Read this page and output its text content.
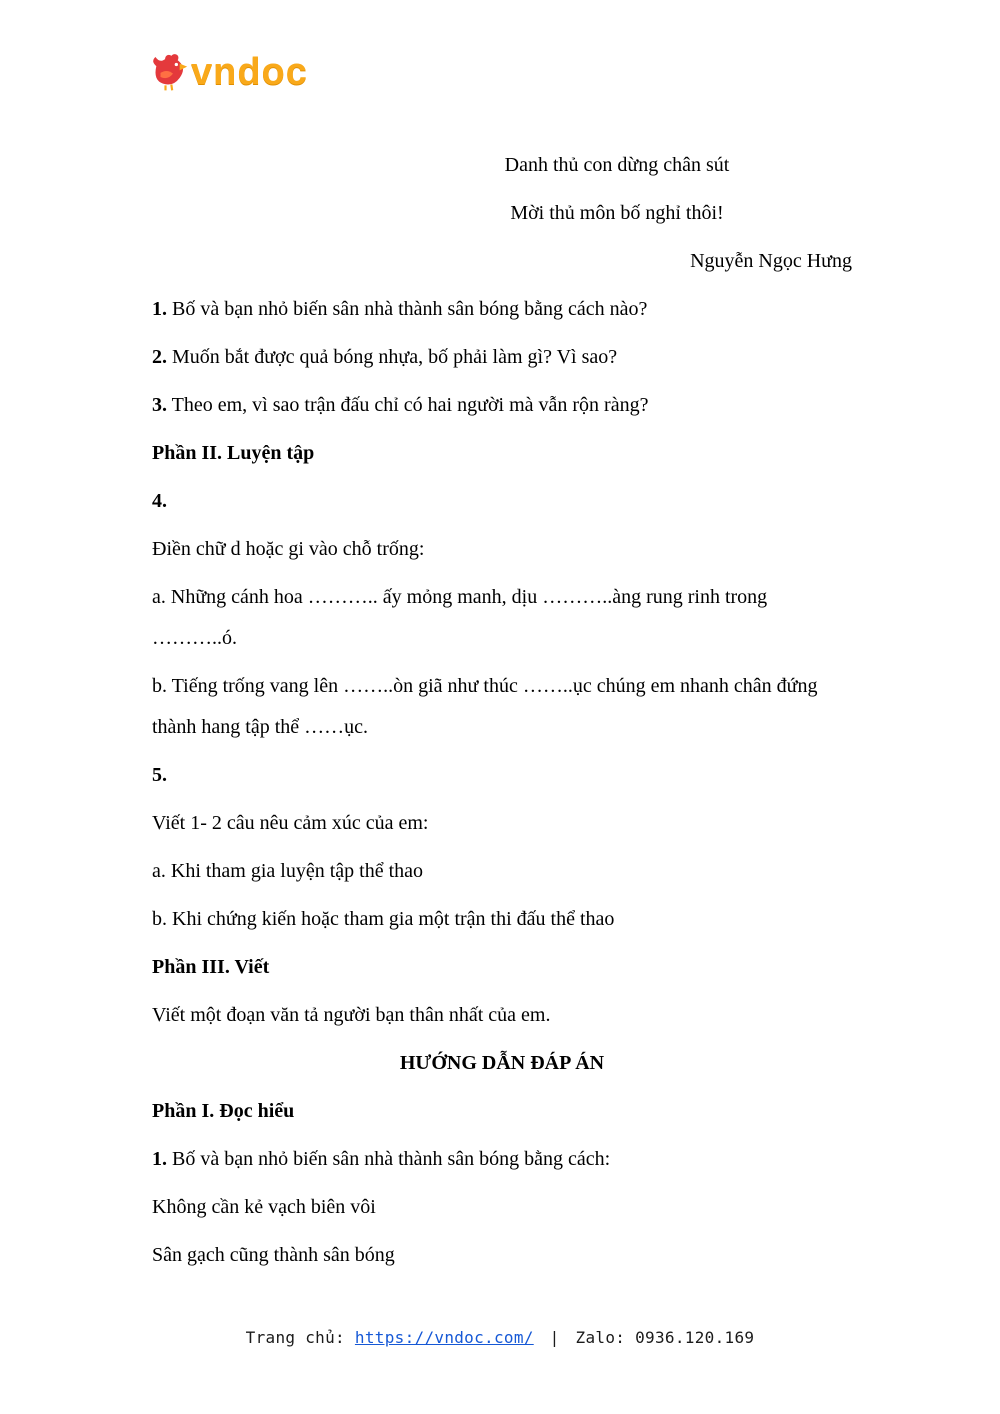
vndoc

Danh thủ con dừng chân sút

Mời thủ môn bố nghỉ thôi!

Nguyễn Ngọc Hưng

1. Bố và bạn nhỏ biến sân nhà thành sân bóng bằng cách nào?

2. Muốn bắt được quả bóng nhựa, bố phải làm gì? Vì sao?

3. Theo em, vì sao trận đấu chỉ có hai người mà vẫn rộn ràng?

Phần II. Luyện tập

4.

Điền chữ d hoặc gi vào chỗ trống:

a. Những cánh hoa ……….. ấy mỏng manh, dịu ………..àng rung rinh trong ………..ó.

b. Tiếng trống vang lên ……..òn giã như thúc ……..ục chúng em nhanh chân đứng thành hang tập thể ……ục.

5.

Viết 1- 2 câu nêu cảm xúc của em:

a. Khi tham gia luyện tập thể thao

b. Khi chứng kiến hoặc tham gia một trận thi đấu thể thao

Phần III. Viết

Viết một đoạn văn tả người bạn thân nhất của em.

HƯỚNG DẪN ĐÁP ÁN

Phần I. Đọc hiểu

1. Bố và bạn nhỏ biến sân nhà thành sân bóng bằng cách:

Không cần kẻ vạch biên vôi

Sân gạch cũng thành sân bóng

Trang chủ: https://vndoc.com/ | Zalo: 0936.120.169
